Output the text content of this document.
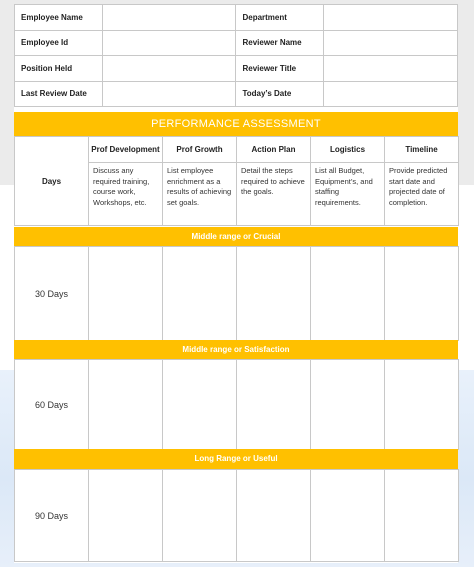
Employee Name		Department	
Employee Id		Reviewer Name	
Position Held		Reviewer Title	
Last Review Date		Today’s Date	
PERFORMANCE ASSESSMENT
Days	Prof Development	Prof Growth	Action Plan	Logistics	Timeline
	Discuss any required training, course work, Workshops, etc.	List employee enrichment as a results of achieving set goals.	Detail the steps required to achieve the goals.	List all Budget, Equipment’s, and staffing requirements.	Provide predicted start date and projected date of completion.
Middle range or Crucial
30 Days					
Middle range or Satisfaction
60 Days					
Long Range or Useful
90 Days					
